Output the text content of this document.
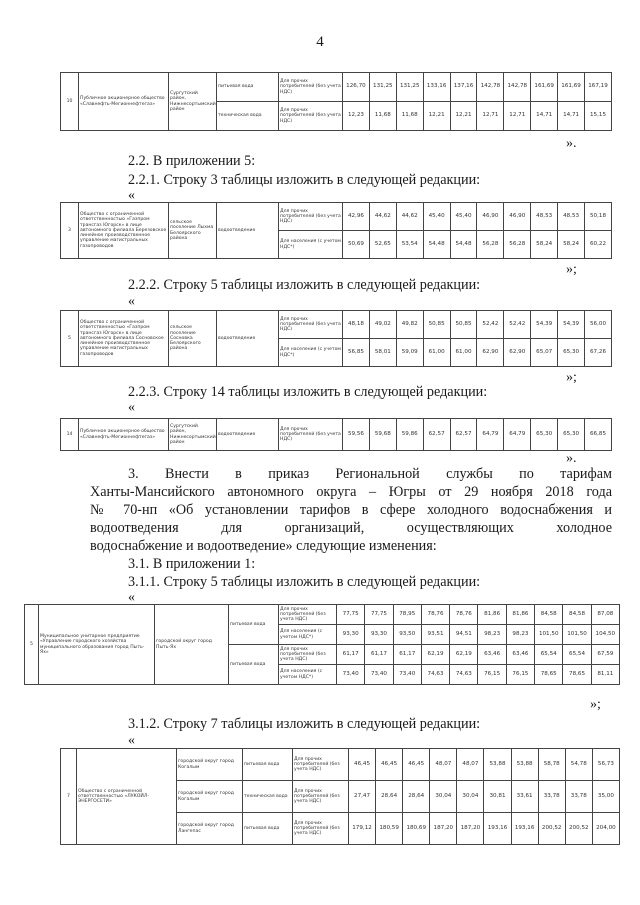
4
10	Публичное акционерное общество «Славнефть-Мегионнефтегаз»	Сургутский район, Нижнесортымский район	питьевая вода	Для прочих потребителей (без учета НДС)	126,70	131,25	131,25	133,16	137,16	142,78	142,78	161,69	161,69	167,19
			техническая вода	Для прочих потребителей (без учета НДС)	12,23	11,68	11,68	12,21	12,21	12,71	12,71	14,71	14,71	15,15
».
2.2. В приложении 5:
2.2.1. Строку 3 таблицы изложить в следующей редакции:
«
3	Общество с ограниченной ответственностью «Газпром трансгаз Югорск» в лице автономного филиала Березовское линейное производственное управление магистральных газопроводов	сельское поселение Лыхма Белоярского района	водоотведение	Для прочих потребителей (без учета НДС)	42,96	44,62	44,62	45,40	45,40	46,90	46,90	48,53	48,53	50,18
				Для населения (с учетом НДС*)	50,69	52,65	53,54	54,48	54,48	56,28	56,28	58,24	58,24	60,22
»;
2.2.2. Строку 5 таблицы изложить в следующей редакции:
«
5	Общество с ограниченной ответственностью «Газпром трансгаз Югорск» в лице автономного филиала Сосновское линейное производственное управление магистральных газопроводов	сельское поселение Сосновка Белоярского района	водоотведение	Для прочих потребителей (без учета НДС)	48,18	49,02	49,82	50,85	50,85	52,42	52,42	54,39	54,39	56,00
				Для населения (с учетом НДС*)	56,85	58,01	59,09	61,00	61,00	62,90	62,90	65,07	65,30	67,26
»;
2.2.3. Строку 14 таблицы изложить в следующей редакции:
«
14	Публичное акционерное общество «Славнефть-Мегионнефтегаз»	Сургутский район, Нижнесортымский район	водоотведение	Для прочих потребителей (без учета НДС)	59,56	59,68	59,86	62,57	62,57	64,79	64,79	65,30	65,30	66,85
».
3. Внести в приказ Региональной службы по тарифам
Ханты-Мансийского автономного округа – Югры от 29 ноября 2018 года
№ 70-нп «Об установлении тарифов в сфере холодного водоснабжения и
водоотведения для организаций, осуществляющих холодное
водоснабжение и водоотведение» следующие изменения:
3.1. В приложении 1:
3.1.1. Строку 5 таблицы изложить в следующей редакции:
«
5	Муниципальное унитарное предприятие «Управление городского хозяйства муниципального образования город Пыть-Ях»	городской округ город Пыть-Ях	питьевая вода	Для прочих потребителей (без учета НДС)	77,75	77,75	78,95	78,76	78,76	81,86	81,86	84,58	84,58	87,08
				Для населения (с учетом НДС*)	93,30	93,30	93,50	93,51	94,51	98,23	98,23	101,50	101,50	104,50
			питьевая вода	Для прочих потребителей (без учета НДС)	61,17	61,17	61,17	62,19	62,19	63,46	63,46	65,54	65,54	67,59
				Для населения (с учетом НДС*)	73,40	73,40	73,40	74,63	74,63	76,15	76,15	78,65	78,65	81,11
»;
3.1.2. Строку 7 таблицы изложить в следующей редакции:
«
7	Общество с ограниченной ответственностью «ЛУКОЙЛ-ЭНЕРГОСЕТИ»	городской округ город Когалым	питьевая вода	Для прочих потребителей (без учета НДС)	46,45	46,45	46,45	48,07	48,07	53,88	53,88	58,78	54,78	56,73
		городской округ город Когалым	техническая вода	Для прочих потребителей (без учета НДС)	27,47	28,64	28,64	30,04	30,04	30,81	33,61	33,78	33,78	35,00
		городской округ город Лангепас	питьевая вода	Для прочих потребителей (без учета НДС)	179,12	180,59	180,69	187,20	187,20	193,16	193,16	200,52	200,52	204,00
